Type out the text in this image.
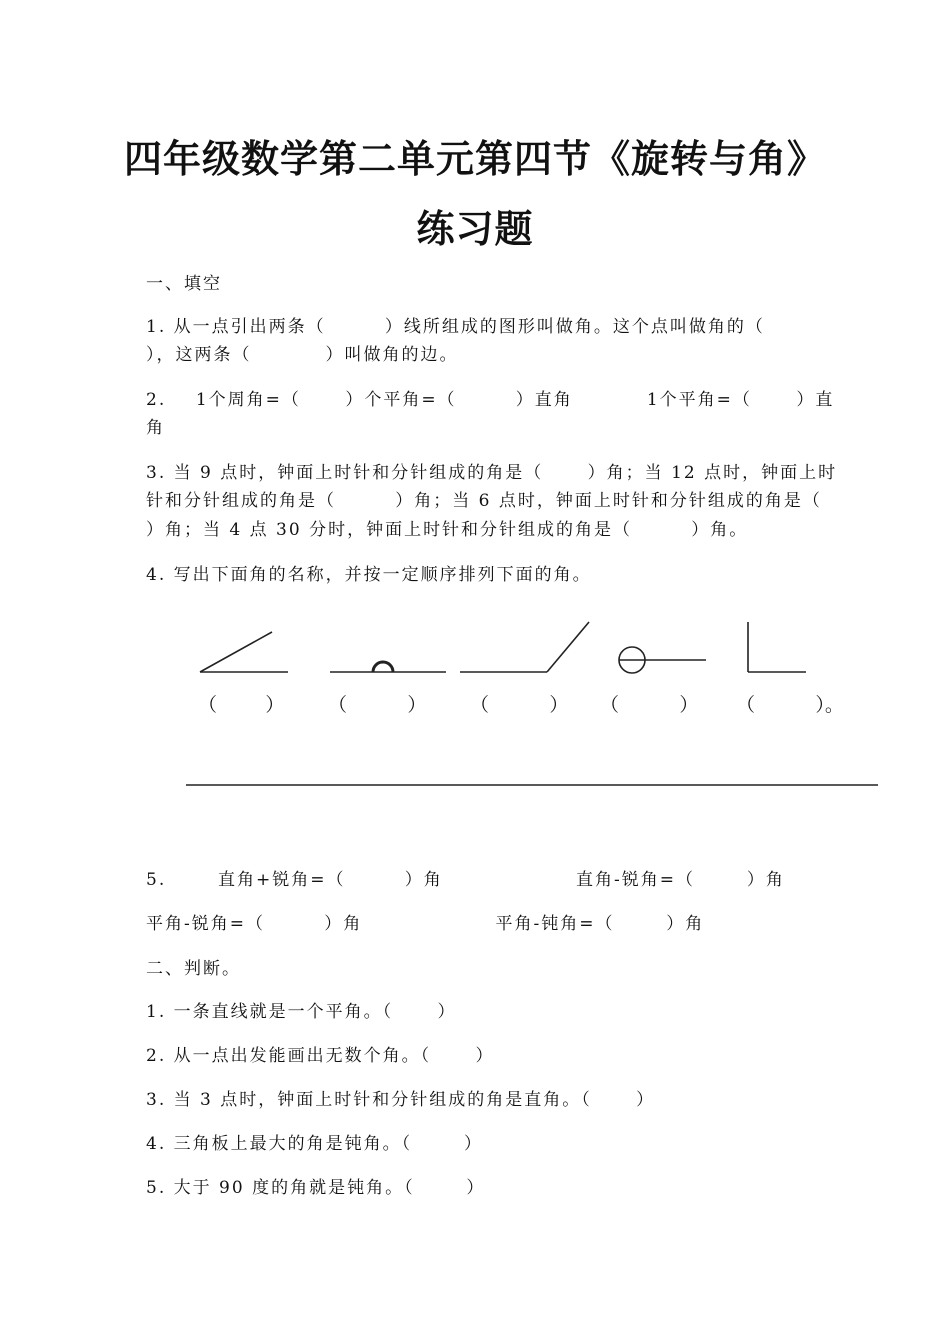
四年级数学第二单元第四节《旋转与角》
练习题
一、填空
1. 从一点引出两条（        ）线所组成的图形叫做角。这个点叫做角的（
），这两条（          ）叫做角的边。
2.    1个周角=（      ）个平角=（        ）直角          1个平角=（      ）直
角
3. 当 9 点时，钟面上时针和分针组成的角是（      ）角；当 12 点时，钟面上时
针和分针组成的角是（        ）角；当 6 点时，钟面上时针和分针组成的角是（
）角；当 4 点 30 分时，钟面上时针和分针组成的角是（        ）角。
4. 写出下面角的名称，并按一定顺序排列下面的角。
（        ） （          ） （          ） （          ） （          ）。
5.       直角+锐角=（        ）角                  直角-锐角=（       ）角
平角-锐角=（        ）角                  平角-钝角=（       ）角
二、判断。
1. 一条直线就是一个平角。（      ）
2. 从一点出发能画出无数个角。（      ）
3. 当 3 点时，钟面上时针和分针组成的角是直角。（      ）
4. 三角板上最大的角是钝角。（       ）
5. 大于 90 度的角就是钝角。（       ）
